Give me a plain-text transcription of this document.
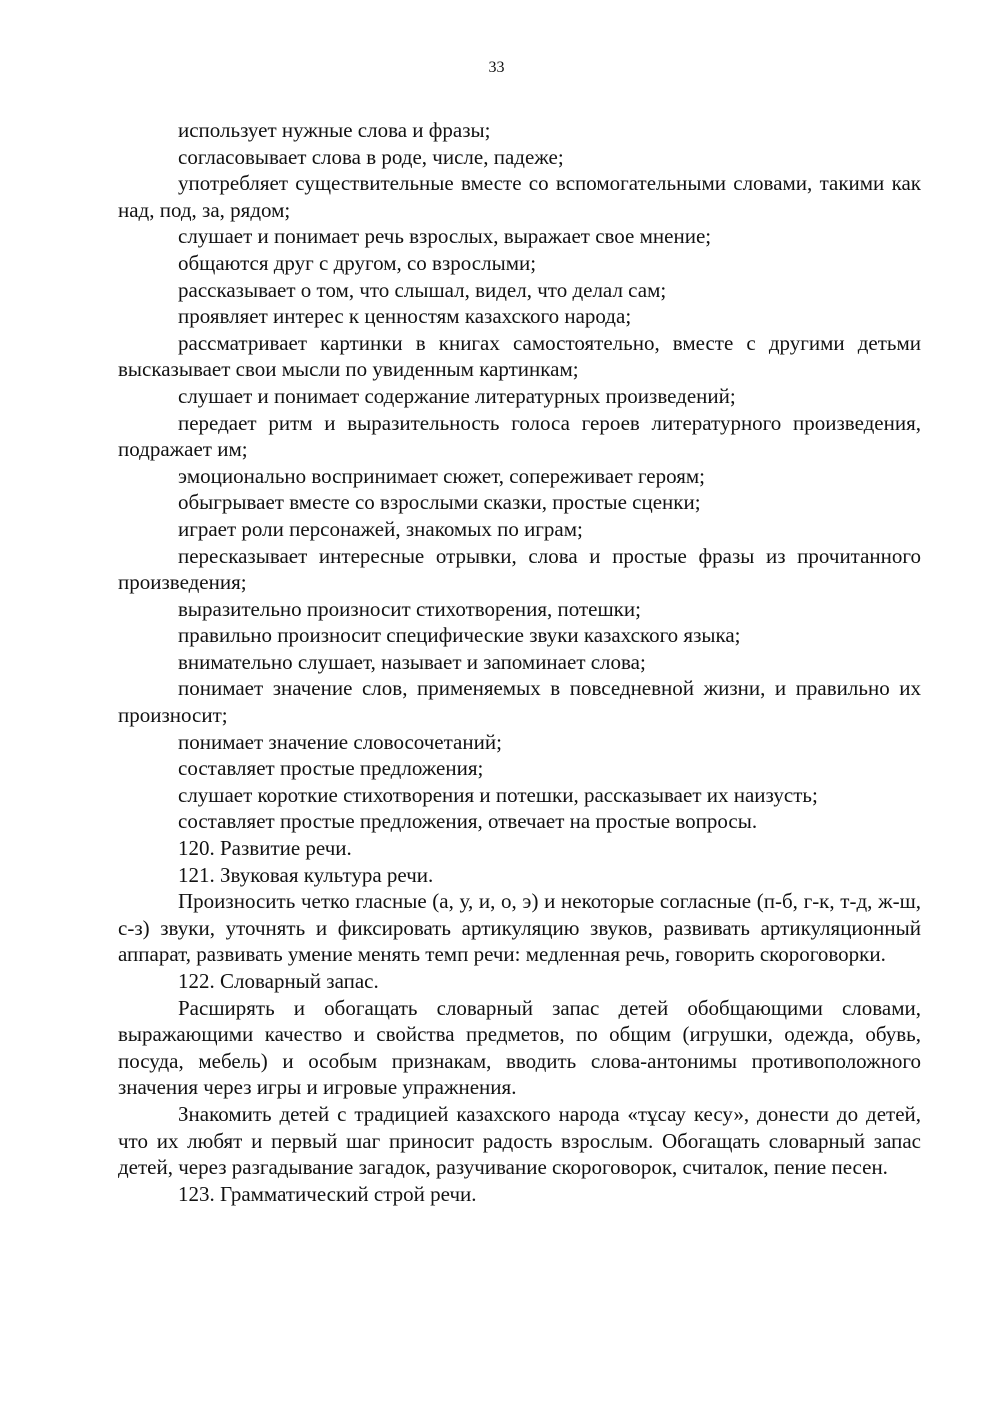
33

использует нужные слова и фразы;

согласовывает слова в роде, числе, падеже;

употребляет существительные вместе со вспомогательными словами, такими как над, под, за, рядом;

слушает и понимает речь взрослых, выражает свое мнение;

общаются друг с другом, со взрослыми;

рассказывает о том, что слышал, видел, что делал сам;

проявляет интерес к ценностям казахского народа;

рассматривает картинки в книгах самостоятельно, вместе с другими детьми высказывает свои мысли по увиденным картинкам;

слушает и понимает содержание литературных произведений;

передает ритм и выразительность голоса героев литературного произведения, подражает им;

эмоционально воспринимает сюжет, сопереживает героям;

обыгрывает вместе со взрослыми сказки, простые сценки;

играет роли персонажей, знакомых по играм;

пересказывает интересные отрывки, слова и простые фразы из прочитанного произведения;

выразительно произносит стихотворения, потешки;

правильно произносит специфические звуки казахского языка;

внимательно слушает, называет и запоминает слова;

понимает значение слов, применяемых в повседневной жизни, и правильно их произносит;

понимает значение словосочетаний;

составляет простые предложения;

слушает короткие стихотворения и потешки, рассказывает их наизусть;

составляет простые предложения, отвечает на простые вопросы.

120. Развитие речи.

121. Звуковая культура речи.

Произносить четко гласные (а, у, и, о, э) и некоторые согласные (п-б, г-к, т-д, ж-ш, с-з) звуки, уточнять и фиксировать артикуляцию звуков, развивать артикуляционный аппарат, развивать умение менять темп речи: медленная речь, говорить скороговорки.

122. Словарный запас.

Расширять и обогащать словарный запас детей обобщающими словами, выражающими качество и свойства предметов, по общим (игрушки, одежда, обувь, посуда, мебель) и особым признакам, вводить слова-антонимы противоположного значения через игры и игровые упражнения.

Знакомить детей с традицией казахского народа «тұсау кесу», донести до детей, что их любят и первый шаг приносит радость взрослым. Обогащать словарный запас детей, через разгадывание загадок, разучивание скороговорок, считалок, пение песен.

123. Грамматический строй речи.
